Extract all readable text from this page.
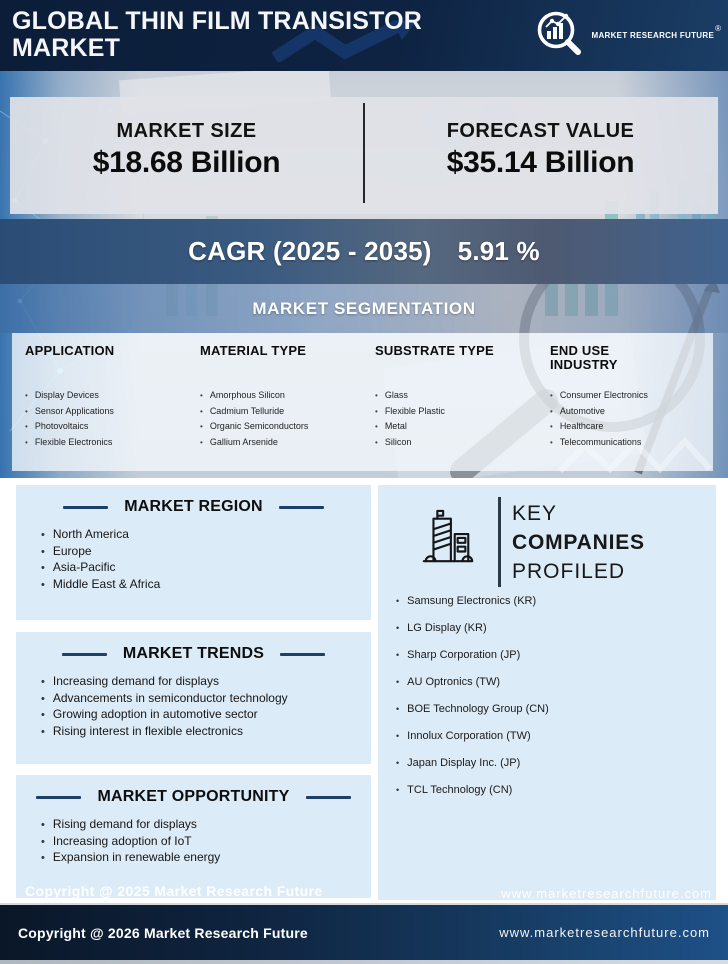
GLOBAL THIN FILM TRANSISTOR
MARKET	MARKET RESEARCH FUTURE®
MARKET SIZE
$18.68 Billion
FORECAST VALUE
$35.14 Billion
CAGR (2025 - 2035) 5.91 %
MARKET SEGMENTATION
APPLICATION
• Display Devices
• Sensor Applications
• Photovoltaics
• Flexible Electronics
MATERIAL TYPE
• Amorphous Silicon
• Cadmium Telluride
• Organic Semiconductors
• Gallium Arsenide
SUBSTRATE TYPE
• Glass
• Flexible Plastic
• Metal
• Silicon
END USE INDUSTRY
• Consumer Electronics
• Automotive
• Healthcare
• Telecommunications
MARKET REGION
• North America
• Europe
• Asia-Pacific
• Middle East & Africa
MARKET TRENDS
• Increasing demand for displays
• Advancements in semiconductor technology
• Growing adoption in automotive sector
• Rising interest in flexible electronics
MARKET OPPORTUNITY
• Rising demand for displays
• Increasing adoption of IoT
• Expansion in renewable energy
KEY
COMPANIES
PROFILED
• Samsung Electronics (KR)
• LG Display (KR)
• Sharp Corporation (JP)
• AU Optronics (TW)
• BOE Technology Group (CN)
• Innolux Corporation (TW)
• Japan Display Inc. (JP)
• TCL Technology (CN)
Copyright @ 2025 Market Research Future	www.marketresearchfuture.com
Copyright @ 2026 Market Research Future	www.marketresearchfuture.com
